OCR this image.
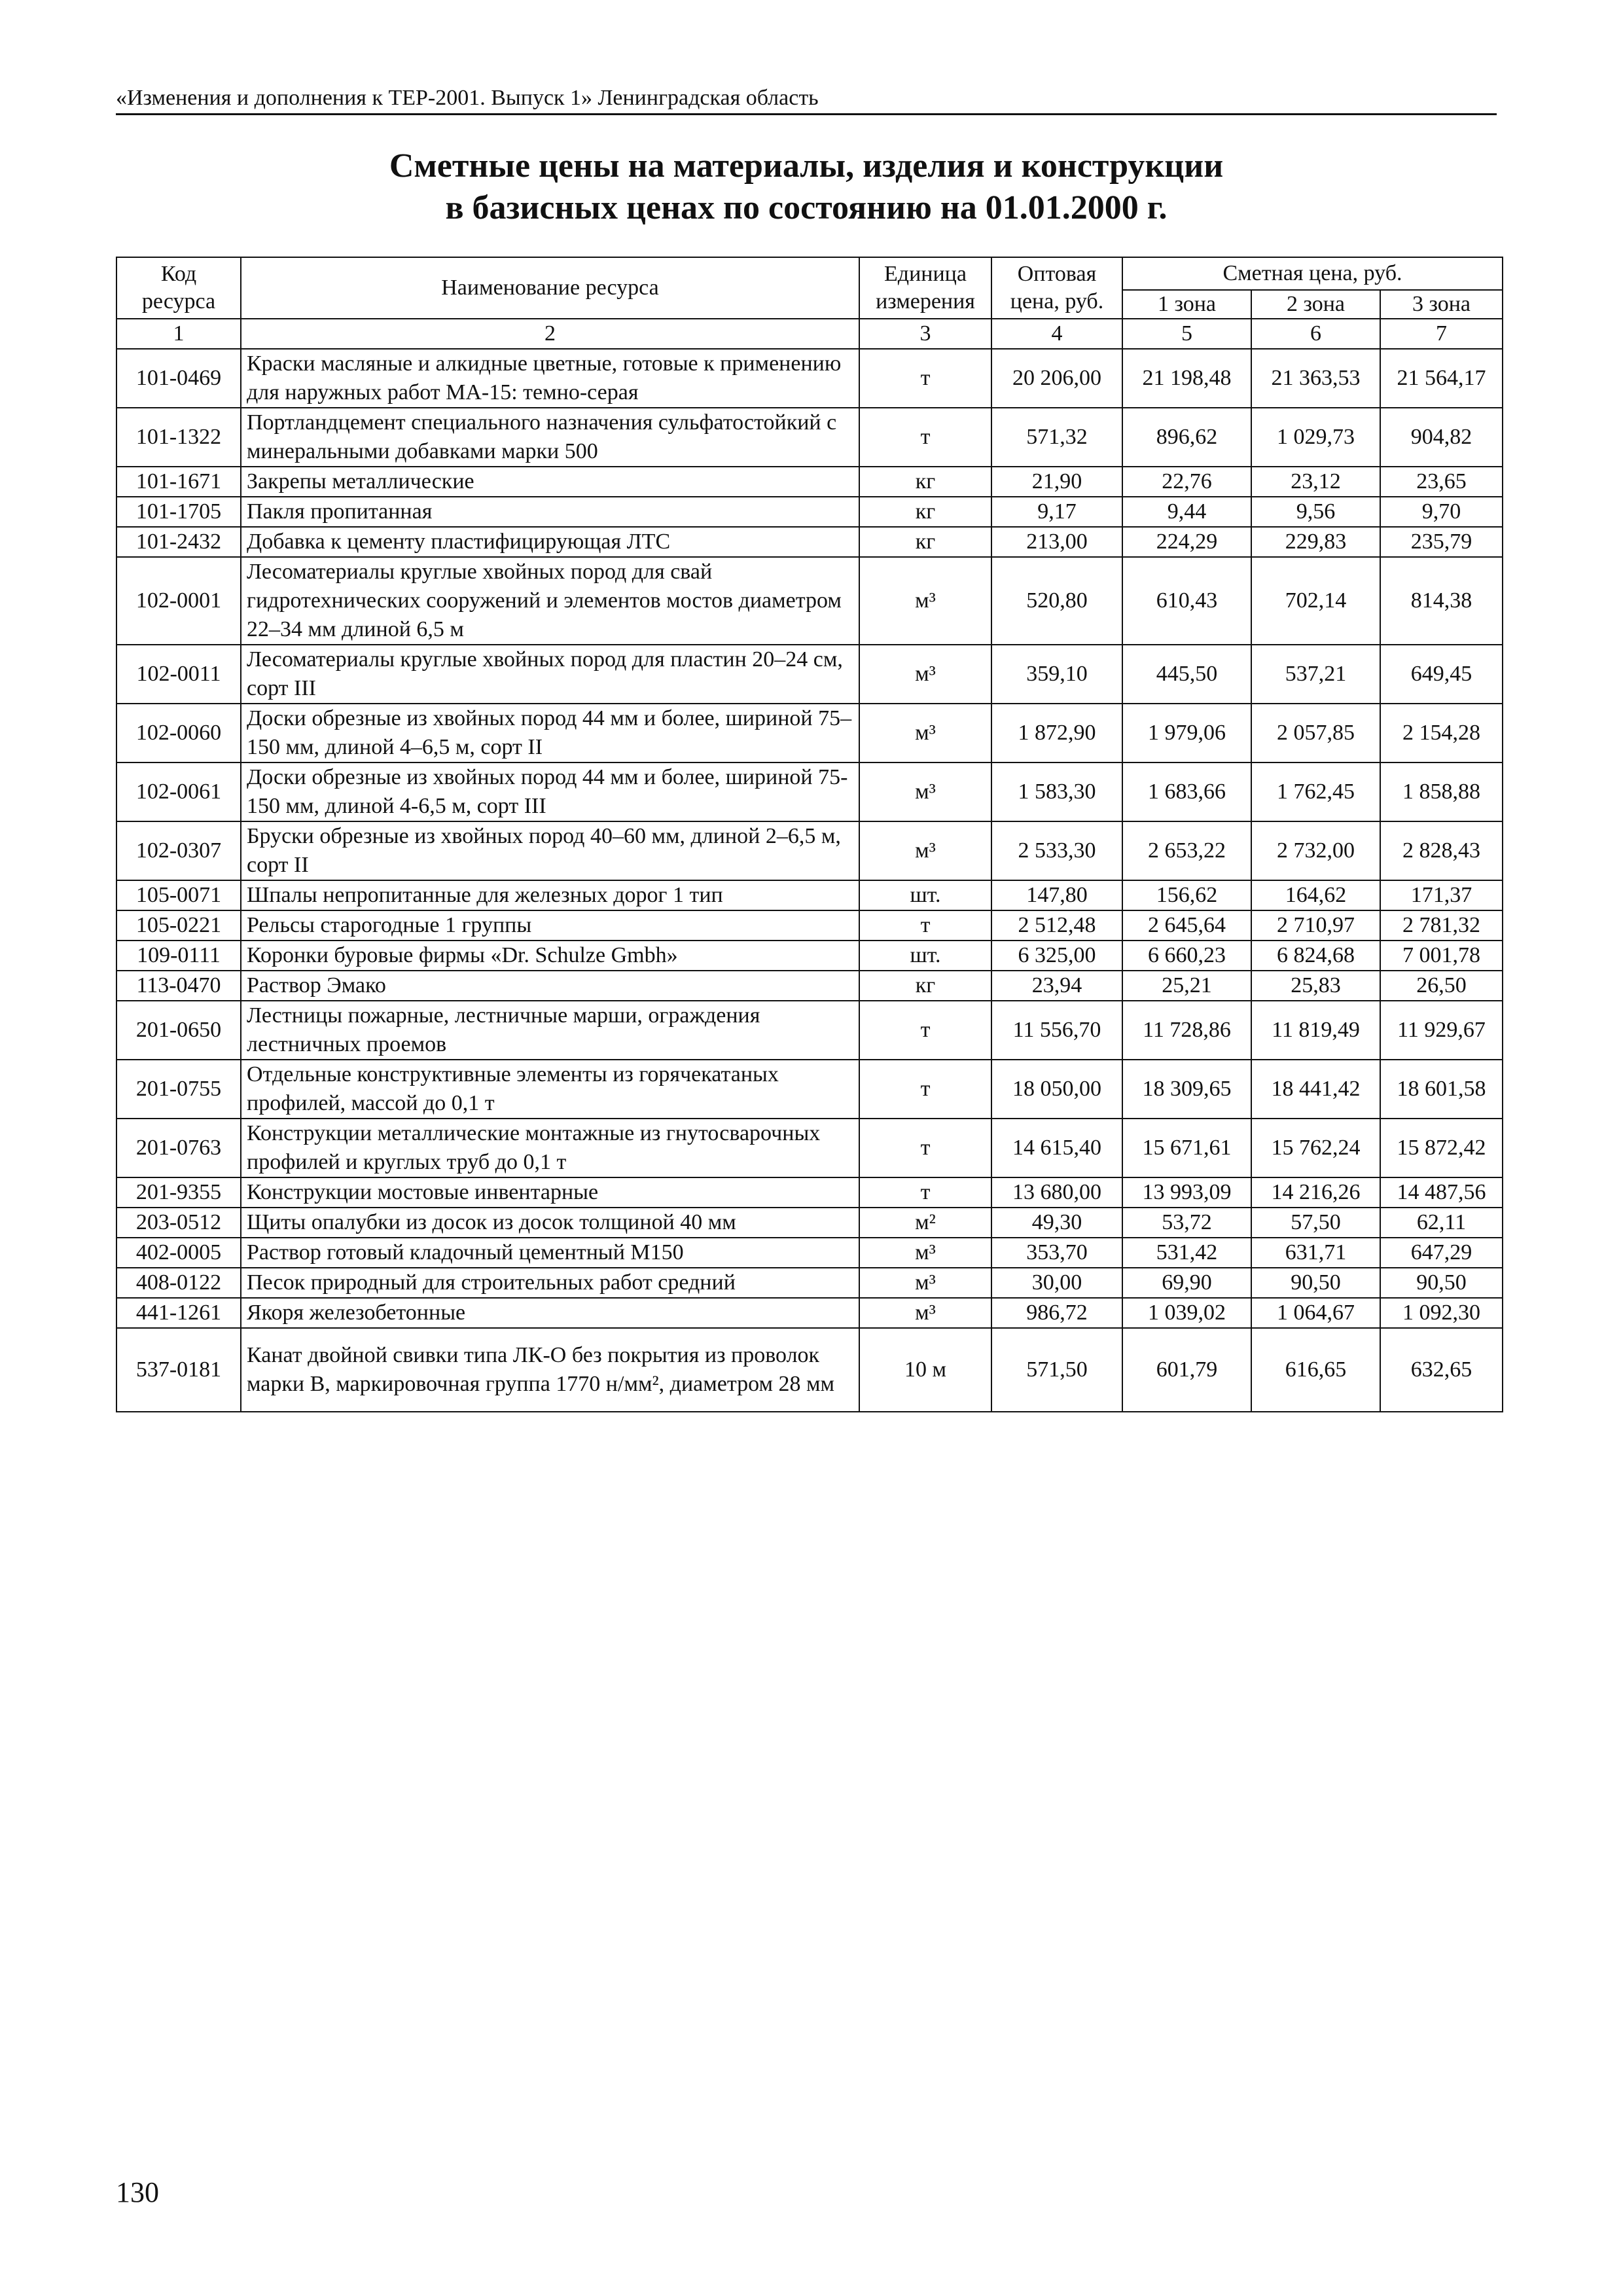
«Изменения и дополнения к ТЕР-2001. Выпуск 1» Ленинградская область
Сметные цены на материалы, изделия и конструкции
в базисных ценах по состоянию на 01.01.2000 г.
Код ресурса	Наименование ресурса	Единица измерения	Оптовая цена, руб.	Сметная цена, руб.		
				1 зона	2 зона	3 зона
1	2	3	4	5	6	7
101-0469	Краски масляные и алкидные цветные, готовые к применению для наружных работ МА-15: темно-серая	т	20 206,00	21 198,48	21 363,53	21 564,17
101-1322	Портландцемент специального назначения сульфатостойкий с минеральными добавками марки 500	т	571,32	896,62	1 029,73	904,82
101-1671	Закрепы металлические	кг	21,90	22,76	23,12	23,65
101-1705	Пакля пропитанная	кг	9,17	9,44	9,56	9,70
101-2432	Добавка к цементу пластифицирующая ЛТС	кг	213,00	224,29	229,83	235,79
102-0001	Лесоматериалы круглые хвойных пород для свай гидротехнических сооружений и элементов мостов диаметром 22–34 мм длиной 6,5 м	м³	520,80	610,43	702,14	814,38
102-0011	Лесоматериалы круглые хвойных пород для пластин 20–24 см, сорт III	м³	359,10	445,50	537,21	649,45
102-0060	Доски обрезные из хвойных пород 44 мм и более, шириной 75–150 мм, длиной 4–6,5 м, сорт II	м³	1 872,90	1 979,06	2 057,85	2 154,28
102-0061	Доски обрезные из хвойных пород 44 мм и более, шириной 75-150 мм, длиной 4-6,5 м, сорт III	м³	1 583,30	1 683,66	1 762,45	1 858,88
102-0307	Бруски обрезные из хвойных пород 40–60 мм, длиной 2–6,5 м, сорт II	м³	2 533,30	2 653,22	2 732,00	2 828,43
105-0071	Шпалы непропитанные для железных дорог 1 тип	шт.	147,80	156,62	164,62	171,37
105-0221	Рельсы старогодные 1 группы	т	2 512,48	2 645,64	2 710,97	2 781,32
109-0111	Коронки буровые фирмы «Dr. Schulze Gmbh»	шт.	6 325,00	6 660,23	6 824,68	7 001,78
113-0470	Раствор Эмако	кг	23,94	25,21	25,83	26,50
201-0650	Лестницы пожарные, лестничные марши, ограждения лестничных проемов	т	11 556,70	11 728,86	11 819,49	11 929,67
201-0755	Отдельные конструктивные элементы из горячекатаных профилей, массой до 0,1 т	т	18 050,00	18 309,65	18 441,42	18 601,58
201-0763	Конструкции металлические монтажные из гнутосварочных профилей и круглых труб до 0,1 т	т	14 615,40	15 671,61	15 762,24	15 872,42
201-9355	Конструкции мостовые инвентарные	т	13 680,00	13 993,09	14 216,26	14 487,56
203-0512	Щиты опалубки из досок из досок толщиной 40 мм	м²	49,30	53,72	57,50	62,11
402-0005	Раствор готовый кладочный цементный М150	м³	353,70	531,42	631,71	647,29
408-0122	Песок природный для строительных работ средний	м³	30,00	69,90	90,50	90,50
441-1261	Якоря железобетонные	м³	986,72	1 039,02	1 064,67	1 092,30
537-0181	Канат двойной свивки типа ЛК-О без покрытия из проволок марки В, маркировочная группа 1770 н/мм², диаметром 28 мм	10 м	571,50	601,79	616,65	632,65
130
